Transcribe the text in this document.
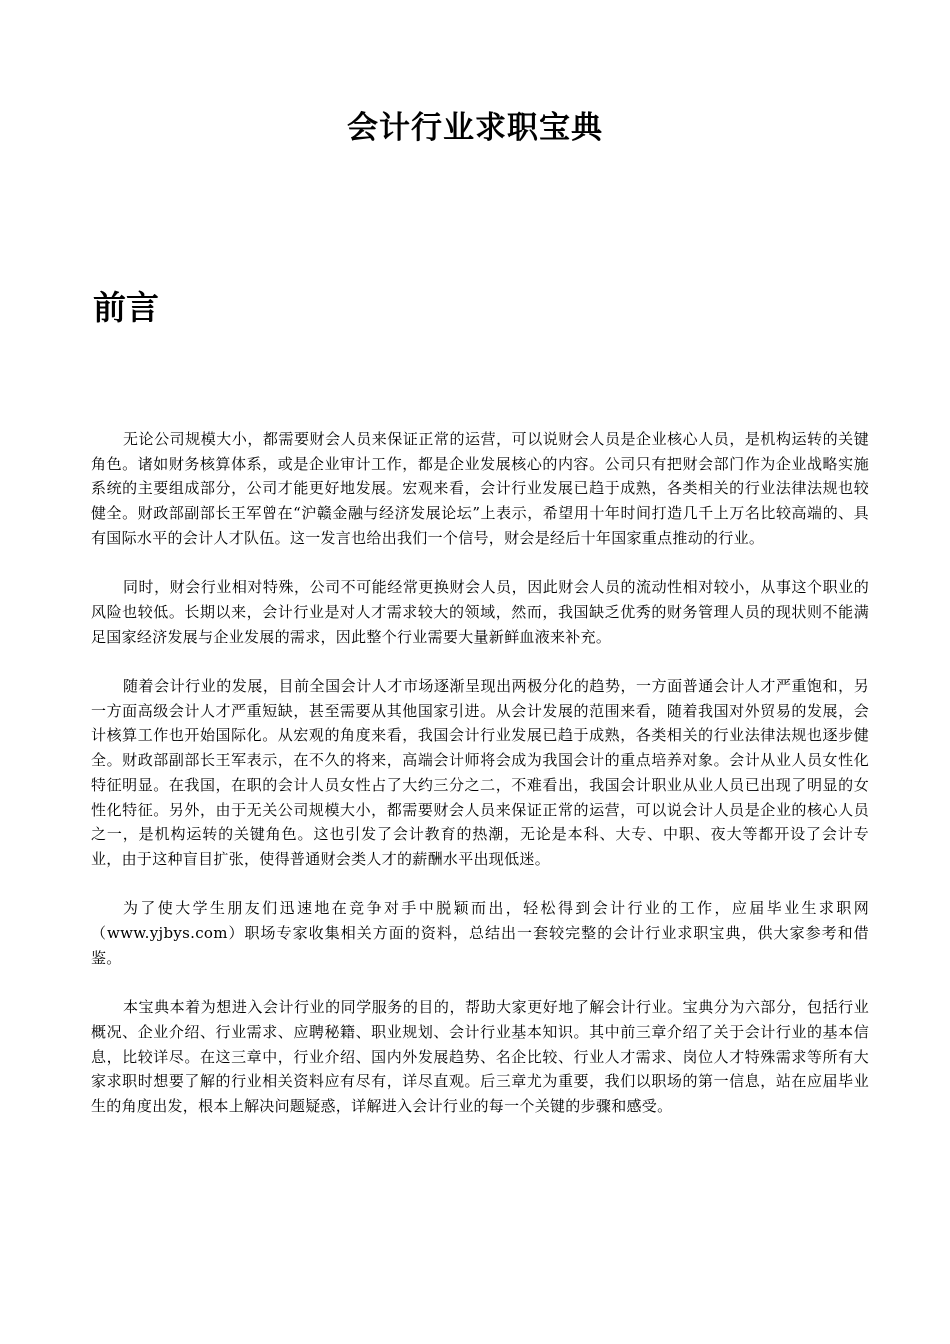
会计行业求职宝典
前言

无论公司规模大小，都需要财会人员来保证正常的运营，可以说财会人员是企业核心人员，是机构运转的关键角色。诸如财务核算体系，或是企业审计工作，都是企业发展核心的内容。公司只有把财会部门作为企业战略实施系统的主要组成部分，公司才能更好地发展。宏观来看，会计行业发展已趋于成熟，各类相关的行业法律法规也较健全。财政部副部长王军曾在“沪赣金融与经济发展论坛”上表示，希望用十年时间打造几千上万名比较高端的、具有国际水平的会计人才队伍。这一发言也给出我们一个信号，财会是经后十年国家重点推动的行业。

同时，财会行业相对特殊，公司不可能经常更换财会人员，因此财会人员的流动性相对较小，从事这个职业的风险也较低。长期以来，会计行业是对人才需求较大的领域，然而，我国缺乏优秀的财务管理人员的现状则不能满足国家经济发展与企业发展的需求，因此整个行业需要大量新鲜血液来补充。

随着会计行业的发展，目前全国会计人才市场逐渐呈现出两极分化的趋势，一方面普通会计人才严重饱和，另一方面高级会计人才严重短缺，甚至需要从其他国家引进。从会计发展的范围来看，随着我国对外贸易的发展，会计核算工作也开始国际化。从宏观的角度来看，我国会计行业发展已趋于成熟，各类相关的行业法律法规也逐步健全。财政部副部长王军表示，在不久的将来，高端会计师将会成为我国会计的重点培养对象。会计从业人员女性化特征明显。在我国，在职的会计人员女性占了大约三分之二，不难看出，我国会计职业从业人员已出现了明显的女性化特征。另外，由于无关公司规模大小，都需要财会人员来保证正常的运营，可以说会计人员是企业的核心人员之一，是机构运转的关键角色。这也引发了会计教育的热潮，无论是本科、大专、中职、夜大等都开设了会计专业，由于这种盲目扩张，使得普通财会类人才的薪酬水平出现低迷。

为了使大学生朋友们迅速地在竞争对手中脱颖而出，轻松得到会计行业的工作，应届毕业生求职网（www.yjbys.com）职场专家收集相关方面的资料，总结出一套较完整的会计行业求职宝典，供大家参考和借鉴。

本宝典本着为想进入会计行业的同学服务的目的，帮助大家更好地了解会计行业。宝典分为六部分，包括行业概况、企业介绍、行业需求、应聘秘籍、职业规划、会计行业基本知识。其中前三章介绍了关于会计行业的基本信息，比较详尽。在这三章中，行业介绍、国内外发展趋势、名企比较、行业人才需求、岗位人才特殊需求等所有大家求职时想要了解的行业相关资料应有尽有，详尽直观。后三章尤为重要，我们以职场的第一信息，站在应届毕业生的角度出发，根本上解决问题疑惑，详解进入会计行业的每一个关键的步骤和感受。
